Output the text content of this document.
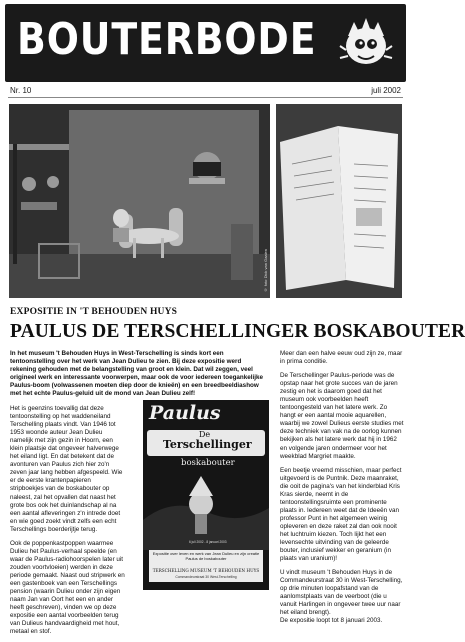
BOUTERBODE
Nr. 10	juli 2002
© foto Dick van Gaalen
EXPOSITIE IN 'T BEHOUDEN HUYS
PAULUS DE TERSCHELLINGER BOSKABOUTER
In het museum 't Behouden Huys in West-Terschelling is sinds kort een tentoonstelling over het werk van Jean Dulieu te zien. Bij deze expositie werd rekening gehouden met de belangstelling van groot en klein. Dat wil zeggen, veel origineel werk en interessante voorwerpen, maar ook de voor iedereen toegankelijke Paulus-boom (volwassenen moeten diep door de knieën) en een breedbeeldiashow met het echte Paulus-geluid uit de mond van Jean Dulieu zelf!

Het is geenzins toevallig dat deze tentoonstelling op het waddeneiland Terschelling plaats vindt. Van 1946 tot 1953 woonde auteur Jean Dulieu namelijk met zijn gezin in Hoorn, een klein plaatsje dat ongeveer halverwege het eiland ligt. En dat betekent dat de avonturen van Paulus zich hier zo'n zeven jaar lang hebben afgespeeld. Wie er de eerste krantenpapieren stripboekjes van de boskabouter op naleest, zal het opvallen dat naast het grote bos ook het duinlandschap al na een aantal afleveringen z'n intrede doet en wie goed zoekt vindt zelfs een echt Terschellings boerderijtje terug.

Ook de poppenkastpoppen waarmee Dulieu het Paulus-verhaal speelde (en waar de Paulus-radiohoorspelen later uit zouden voortvloeien) werden in deze periode gemaakt. Naast oud stripwerk en een gastenboek van een Terschellings pension (waarin Dulieu onder zijn eigen naam Jan van Oort het een en ander heeft geschreven), vinden we op deze expositie een aantal voorbeelden terug van Dulieus handvaardigheid met hout, metaal en stof.

Paulus
De
Terschellinger
boskabouter
6 juli 2002 - 8 januari 2003
Expositie over leven en werk van Jean Dulieu en zijn creatie Paulus de boskabouter
TERSCHELLING MUSEUM 'T BEHOUDEN HUYS
Commandeurstraat 30 West-Terschelling

Meer dan een halve eeuw oud zijn ze, maar in prima conditie.

De Terschellinger Paulus-periode was de opstap naar het grote succes van de jaren zestig en het is daarom goed dat het museum ook voorbeelden heeft tentoongesteld van het latere werk. Zo hangt er een aantal mooie aquarellen, waarbij we zowel Dulieus eerste studies met deze techniek van vak na de oorlog kunnen bekijken als het latere werk dat hij in 1962 en volgende jaren ondermeer voor het weekblad Margriet maakte.

Een beetje vreemd misschien, maar perfect uitgevoerd is de Puntnik. Deze maanraket, die ooit de pagina's van het kinderblad Kris Kras sierde, neemt in de tentoonstellingsruimte een prominente plaats in. Iedereen weet dat de Ideeën van professor Punt in het algemeen weinig opleveren en deze raket zal dan ook nooit het luchtruim kiezen. Toch lijkt het een levensechte uitvinding van de geleerde bouter, inclusief wekker en geranium (in plaats van uranium)!

U vindt museum 't Behouden Huys in de Commandeurstraat 30 in West-Terschelling, op drie minuten loopafstand van de aanlomstplaats van de veerboot (die u vanuit Harlingen in ongeveer twee uur naar het eiland brengt).

De expositie loopt tot 8 januari 2003.
